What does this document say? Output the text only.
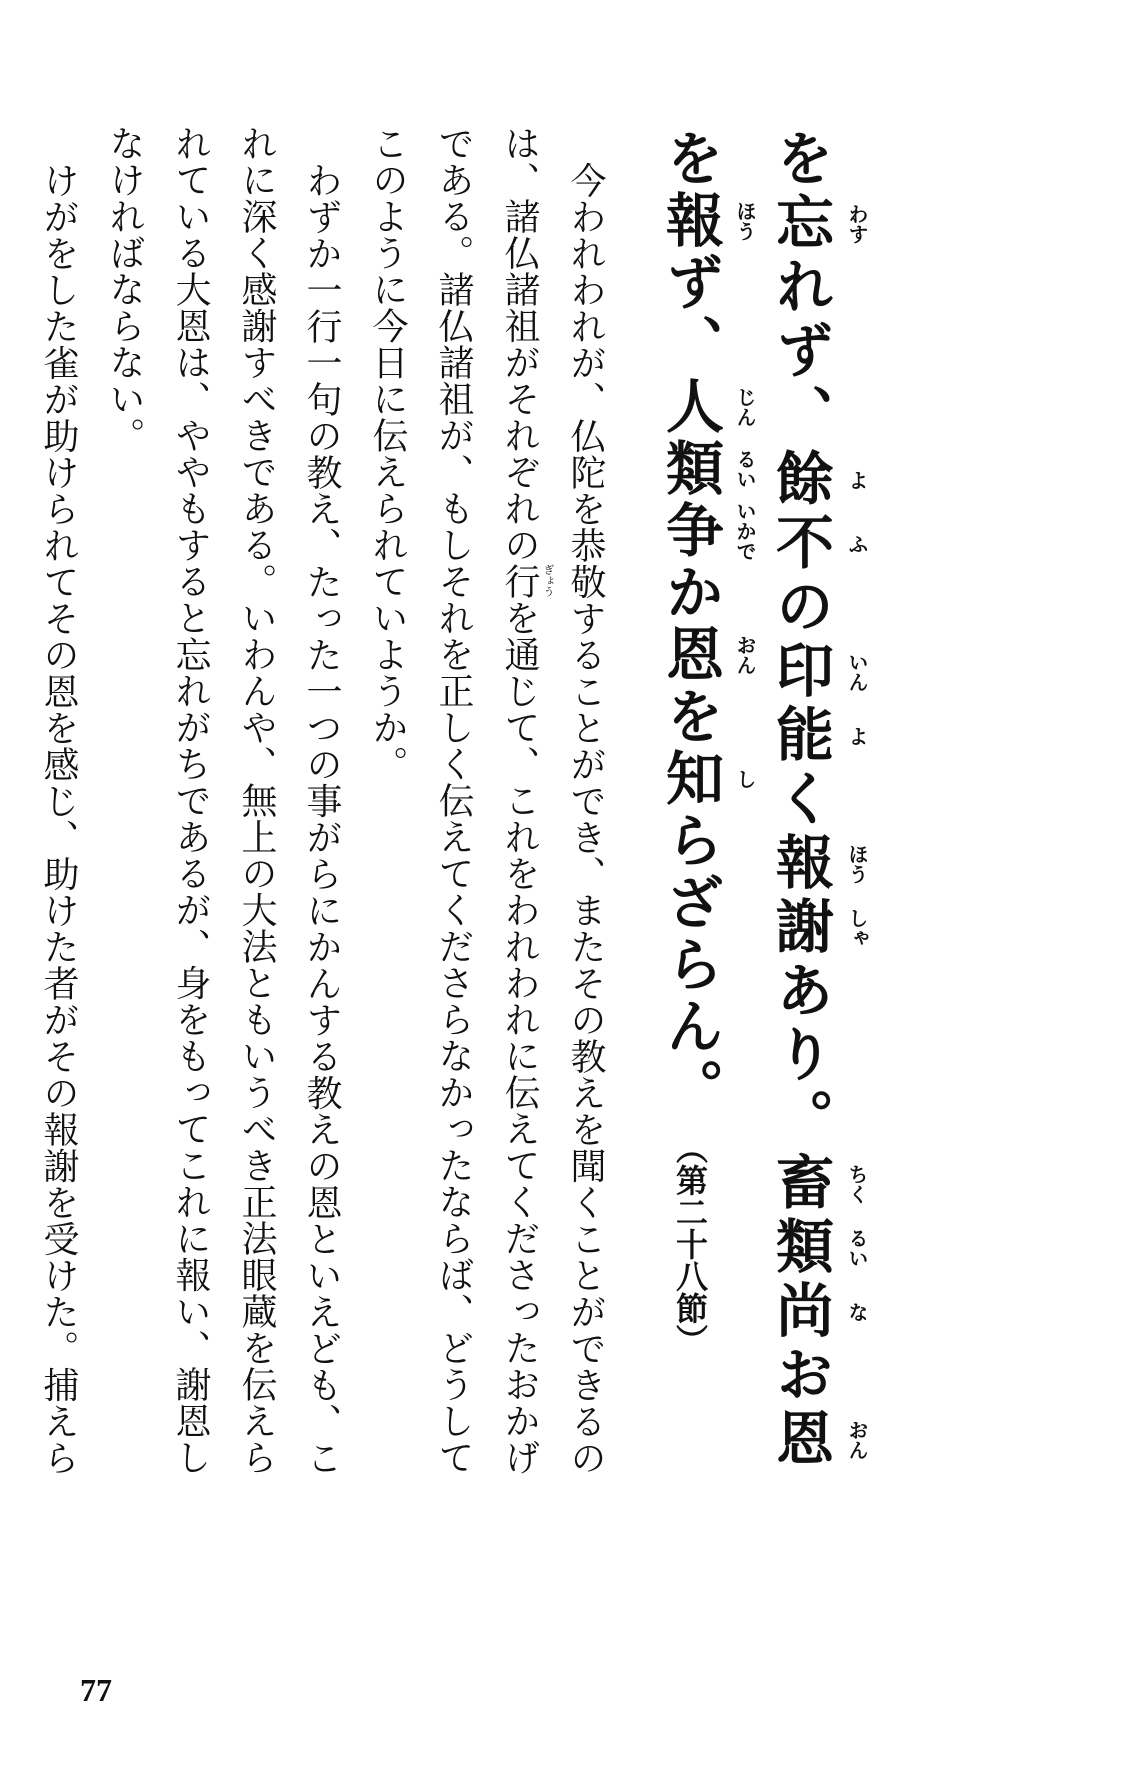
を忘れず、餘不の印能く報謝あり。畜類尚お恩 わす
よ
ふ
いん
よ
ほう
しゃ
ちく
るい
な
おん

を報ず、人類争か恩を知らざらん。 ほう
じん
るい
いかで
おん
し
（第二十八節）

今われわれが、仏陀を恭敬することができ、またその教えを聞くことができるの

は、諸仏諸祖がそれぞれの行を通じて、これをわれわれに伝えてくださったおかげ ぎょう

である。諸仏諸祖が、もしそれを正しく伝えてくださらなかったならば、どうして

このように今日に伝えられていようか。

わずか一行一句の教え、たった一つの事がらにかんする教えの恩といえども、こ

れに深く感謝すべきである。いわんや、無上の大法ともいうべき正法眼蔵を伝えら

れている大恩は、ややもすると忘れがちであるが、身をもってこれに報い、謝恩し

なければならない。

けがをした雀が助けられてその恩を感じ、助けた者がその報謝を受けた。捕えら

77
